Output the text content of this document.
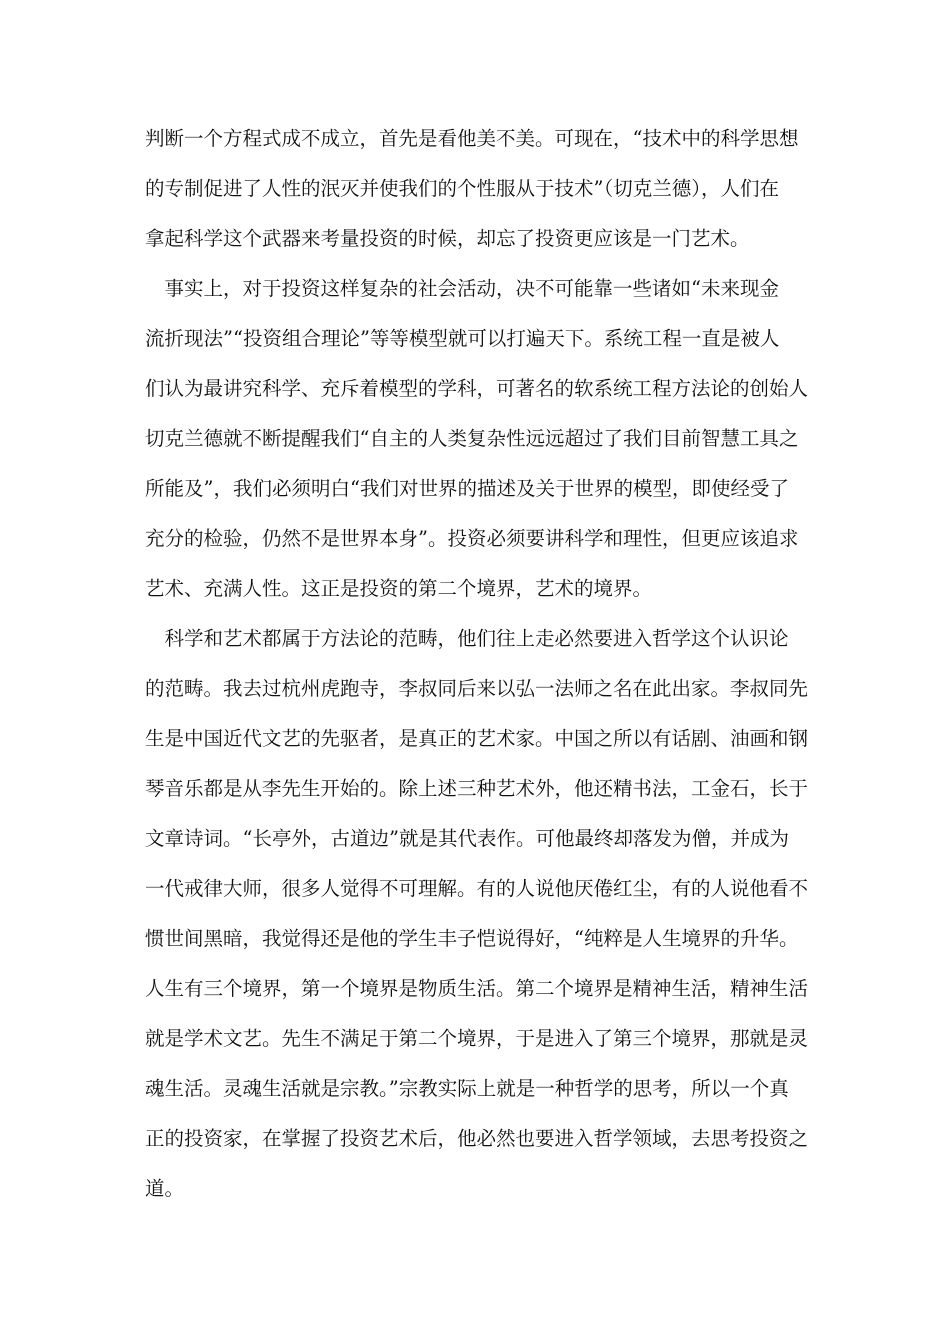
判断一个方程式成不成立，首先是看他美不美。可现在，“技术中的科学思想
的专制促进了人性的泯灭并使我们的个性服从于技术”（切克兰德），人们在
拿起科学这个武器来考量投资的时候，却忘了投资更应该是一门艺术。
　事实上，对于投资这样复杂的社会活动，决不可能靠一些诸如“未来现金
流折现法”“投资组合理论”等等模型就可以打遍天下。系统工程一直是被人
们认为最讲究科学、充斥着模型的学科，可著名的软系统工程方法论的创始人
切克兰德就不断提醒我们“自主的人类复杂性远远超过了我们目前智慧工具之
所能及”，我们必须明白“我们对世界的描述及关于世界的模型，即使经受了
充分的检验，仍然不是世界本身”。投资必须要讲科学和理性，但更应该追求
艺术、充满人性。这正是投资的第二个境界，艺术的境界。
　科学和艺术都属于方法论的范畴，他们往上走必然要进入哲学这个认识论
的范畴。我去过杭州虎跑寺，李叔同后来以弘一法师之名在此出家。李叔同先
生是中国近代文艺的先驱者，是真正的艺术家。中国之所以有话剧、油画和钢
琴音乐都是从李先生开始的。除上述三种艺术外，他还精书法，工金石，长于
文章诗词。“长亭外，古道边”就是其代表作。可他最终却落发为僧，并成为
一代戒律大师，很多人觉得不可理解。有的人说他厌倦红尘，有的人说他看不
惯世间黑暗，我觉得还是他的学生丰子恺说得好，“纯粹是人生境界的升华。
人生有三个境界，第一个境界是物质生活。第二个境界是精神生活，精神生活
就是学术文艺。先生不满足于第二个境界，于是进入了第三个境界，那就是灵
魂生活。灵魂生活就是宗教。”宗教实际上就是一种哲学的思考，所以一个真
正的投资家，在掌握了投资艺术后，他必然也要进入哲学领域，去思考投资之
道。
